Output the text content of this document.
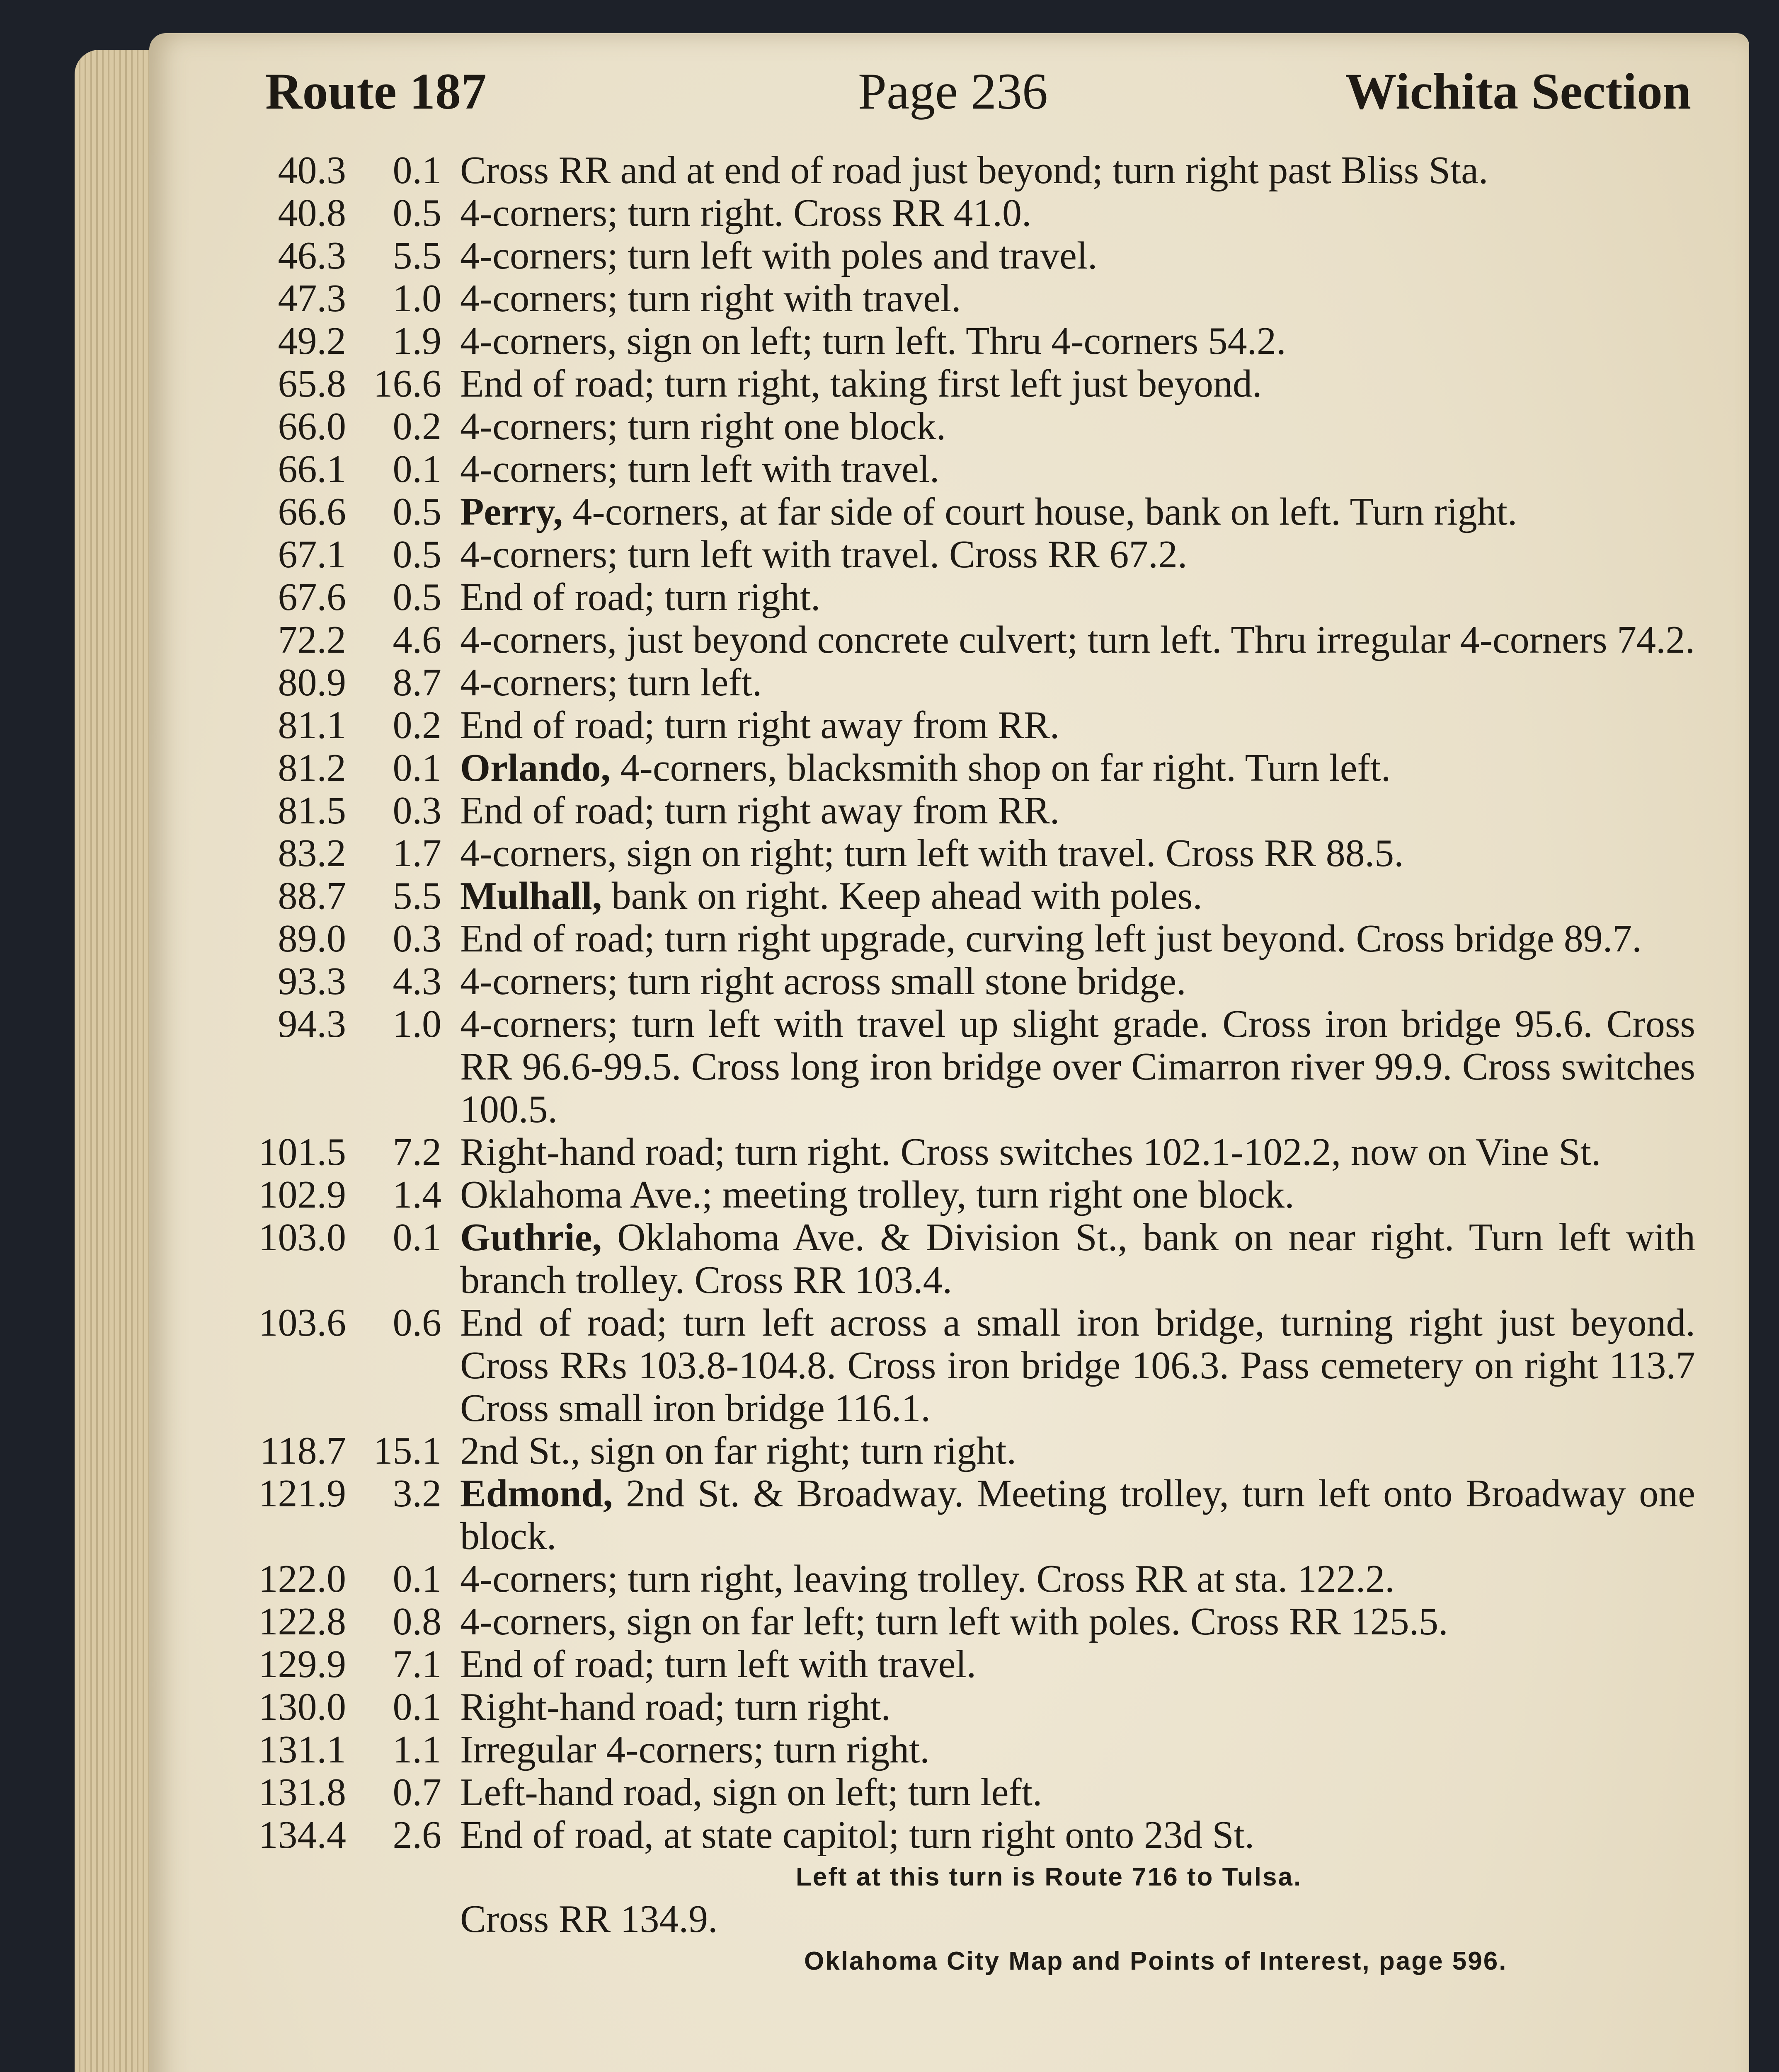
Route 187	Page 236	Wichita Section
40.3	0.1 Cross RR and at end of road just beyond; turn right past Bliss Sta.
40.8	0.5 4-corners; turn right. Cross RR 41.0.
46.3	5.5 4-corners; turn left with poles and travel.
47.3	1.0 4-corners; turn right with travel.
49.2	1.9 4-corners, sign on left; turn left. Thru 4-corners 54.2.
65.8 16.6 End of road; turn right, taking first left just beyond.
66.0	0.2 4-corners; turn right one block.
66.1	0.1 4-corners; turn left with travel.
66.6	0.5 Perry, 4-corners, at far side of court house, bank on left. Turn right.
67.1	0.5 4-corners; turn left with travel. Cross RR 67.2.
67.6	0.5 End of road; turn right.
72.2	4.6 4-corners, just beyond concrete culvert; turn left. Thru irregular 4-corners 74.2.
80.9	8.7 4-corners; turn left.
81.1	0.2 End of road; turn right away from RR.
81.2	0.1 Orlando, 4-corners, blacksmith shop on far right. Turn left.
81.5	0.3 End of road; turn right away from RR.
83.2	1.7 4-corners, sign on right; turn left with travel. Cross RR 88.5.
88.7	5.5 Mulhall, bank on right. Keep ahead with poles.
89.0	0.3 End of road; turn right upgrade, curving left just beyond. Cross bridge 89.7.
93.3	4.3 4-corners; turn right across small stone bridge.
94.3	1.0 4-corners; turn left with travel up slight grade. Cross iron bridge 95.6. Cross RR 96.6-99.5. Cross long iron bridge over Cimarron river 99.9. Cross switches 100.5.
101.5	7.2 Right-hand road; turn right. Cross switches 102.1-102.2, now on Vine St.
102.9	1.4 Oklahoma Ave.; meeting trolley, turn right one block.
103.0	0.1 Guthrie, Oklahoma Ave. & Division St., bank on near right. Turn left with branch trolley. Cross RR 103.4.
103.6	0.6 End of road; turn left across a small iron bridge, turning right just beyond. Cross RRs 103.8-104.8. Cross iron bridge 106.3. Pass cemetery on right 113.7 Cross small iron bridge 116.1.
118.7 15.1 2nd St., sign on far right; turn right.
121.9	3.2 Edmond, 2nd St. & Broadway. Meeting trolley, turn left onto Broadway one block.
122.0	0.1 4-corners; turn right, leaving trolley. Cross RR at sta. 122.2.
122.8	0.8 4-corners, sign on far left; turn left with poles. Cross RR 125.5.
129.9	7.1 End of road; turn left with travel.
130.0	0.1 Right-hand road; turn right.
131.1	1.1 Irregular 4-corners; turn right.
131.8	0.7 Left-hand road, sign on left; turn left.
134.4	2.6 End of road, at state capitol; turn right onto 23d St.
Left at this turn is Route 716 to Tulsa.
Cross RR 134.9.
Oklahoma City Map and Points of Interest, page 596.
